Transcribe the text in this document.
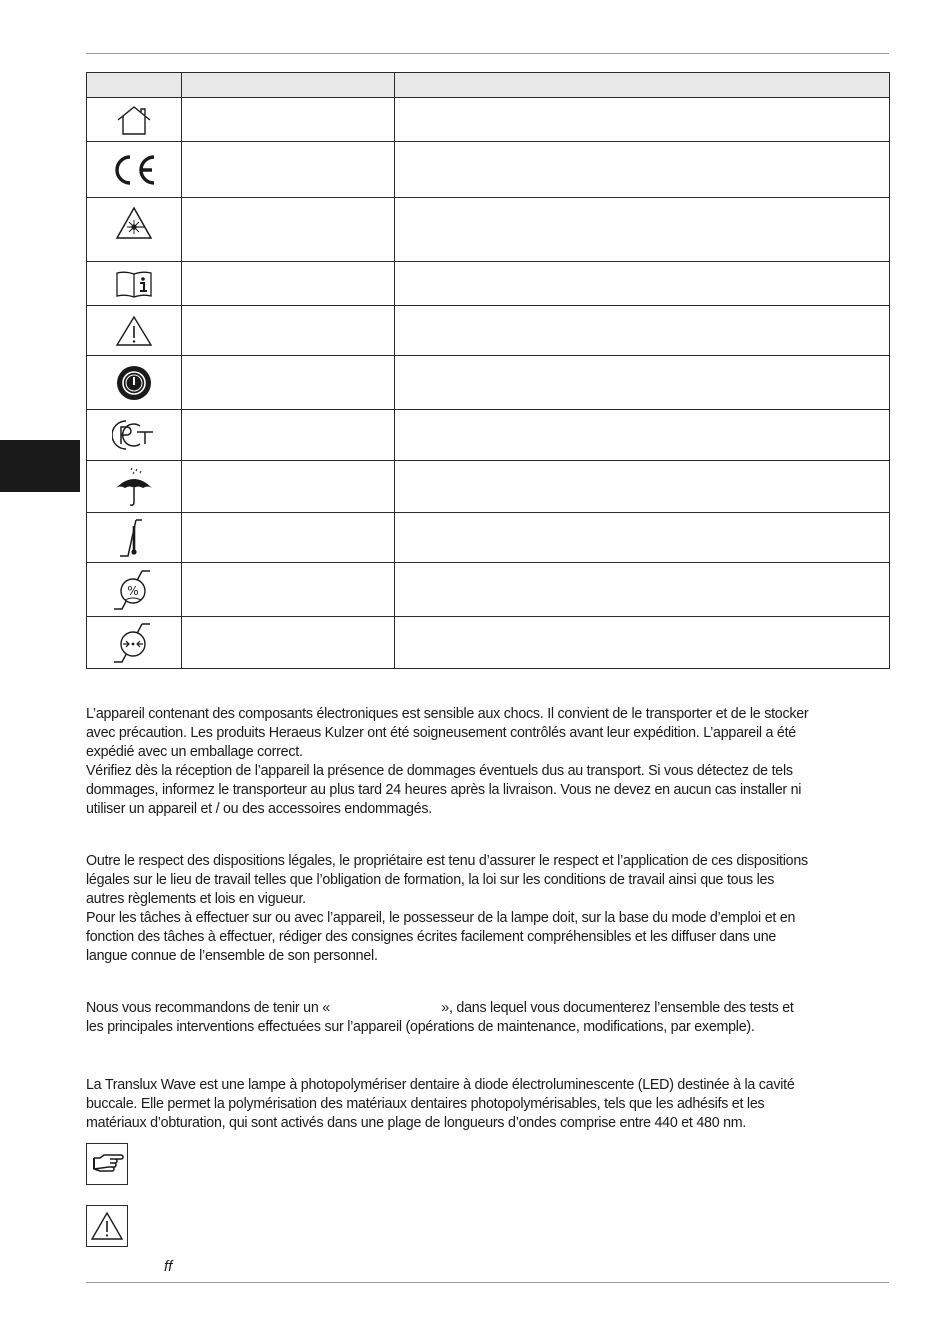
%		

L’appareil contenant des composants électroniques est sensible aux chocs. Il convient de le transporter et de le stocker

avec précaution. Les produits Heraeus Kulzer ont été soigneusement contrôlés avant leur expédition. L’appareil a été

expédié avec un emballage correct.

Vérifiez dès la réception de l’appareil la présence de dommages éventuels dus au transport. Si vous détectez de tels

dommages, informez le transporteur au plus tard 24 heures après la livraison. Vous ne devez en aucun cas installer ni

utiliser un appareil et / ou des accessoires endommagés.

Outre le respect des dispositions légales, le propriétaire est tenu d’assurer le respect et l’application de ces dispositions

légales sur le lieu de travail telles que l’obligation de formation, la loi sur les conditions de travail ainsi que tous les

autres règlements et lois en vigueur.

Pour les tâches à effectuer sur ou avec l’appareil, le possesseur de la lampe doit, sur la base du mode d’emploi et en

fonction des tâches à effectuer, rédiger des consignes écrites facilement compréhensibles et les diffuser dans une

langue connue de l’ensemble de son personnel.

Nous vous recommandons de tenir un «                              », dans lequel vous documenterez l’ensemble des tests et

les principales interventions effectuées sur l’appareil (opérations de maintenance, modifications, par exemple).

La Translux Wave est une lampe à photopolymériser dentaire à diode électroluminescente (LED) destinée à la cavité

buccale. Elle permet la polymérisation des matériaux dentaires photopolymérisables, tels que les adhésifs et les

matériaux d’obturation, qui sont activés dans une plage de longueurs d’ondes comprise entre 440 et 480 nm.

ff
